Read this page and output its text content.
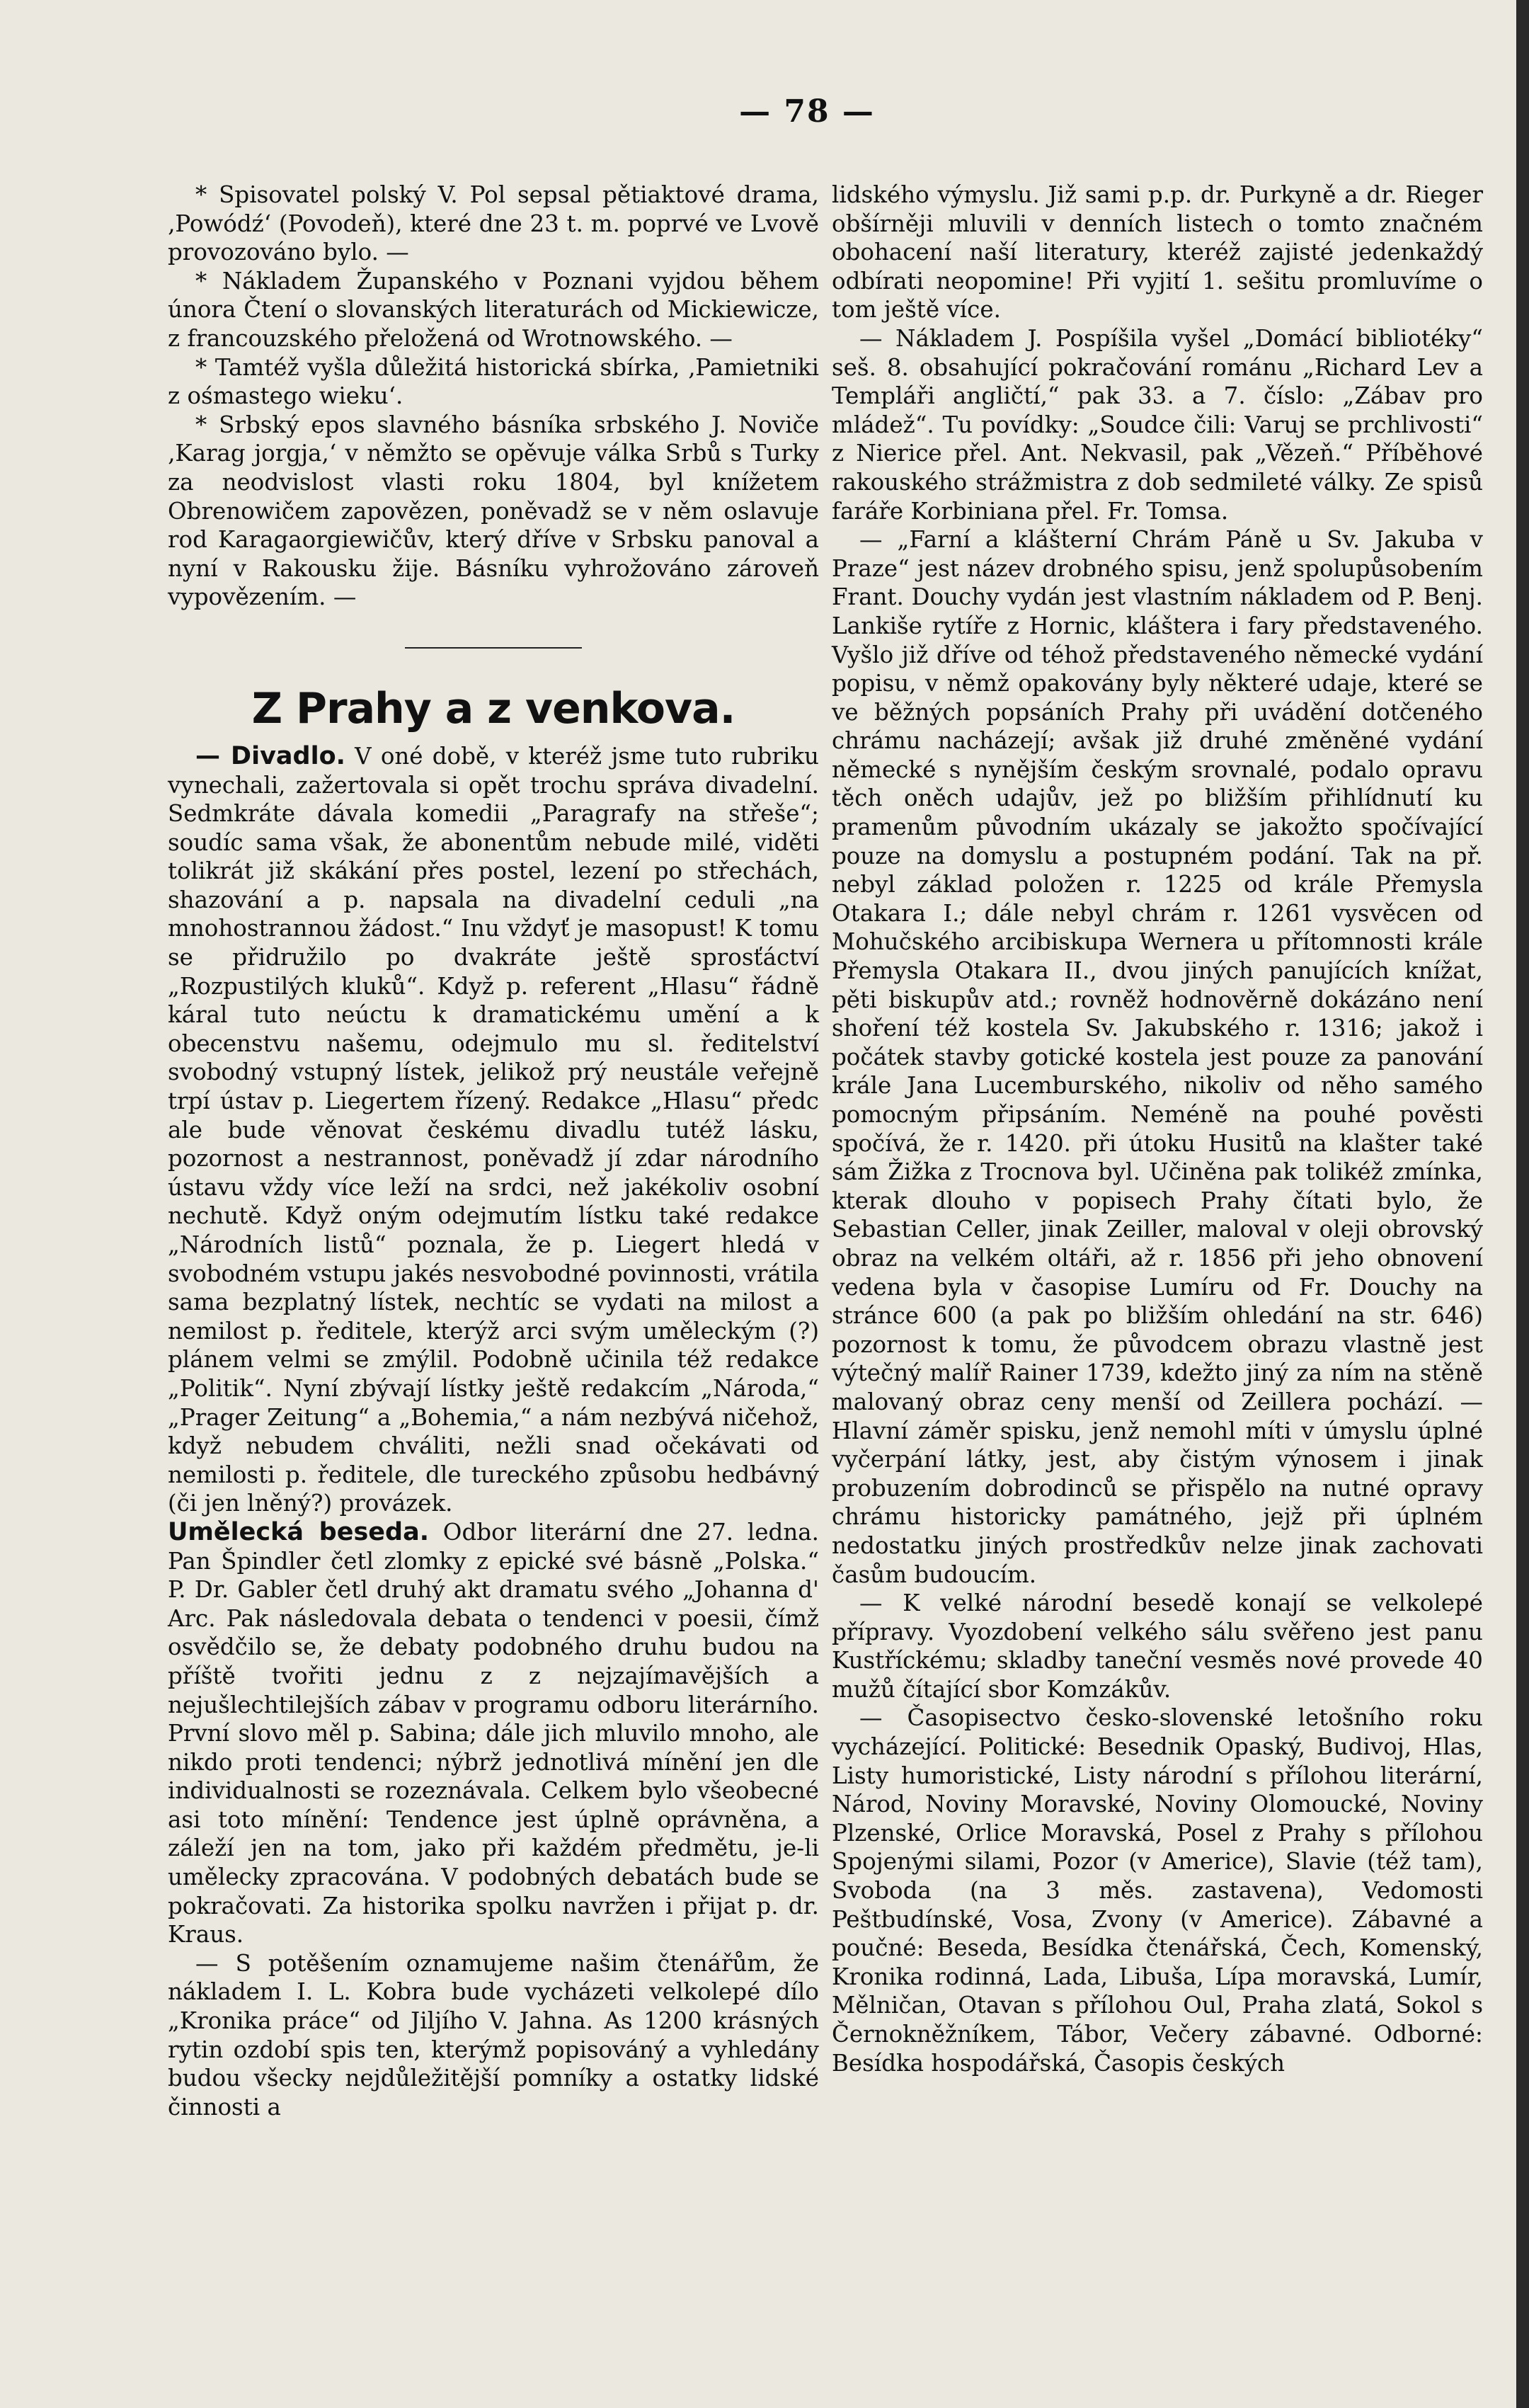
— 78 —

* Spisovatel polský V. Pol sepsal pětiaktové drama, ‚Powódź‘ (Povodeň), které dne 23 t. m. poprvé ve Lvově provozováno bylo. —

* Nákladem Županského v Poznani vyjdou během února Čtení o slovanských literaturách od Mickiewicze, z francouzského přeložená od Wrotnowského. —

* Tamtéž vyšla důležitá historická sbírka, ‚Pamietniki z ośmastego wieku‘.

* Srbský epos slavného básníka srbského J. Noviče ‚Karag jorgja,‘ v němžto se opěvuje válka Srbů s Turky za neodvislost vlasti roku 1804, byl knížetem Obrenowičem zapovězen, poněvadž se v něm oslavuje rod Karagaorgiewičův, který dříve v Srbsku panoval a nyní v Rakousku žije. Básníku vyhrožováno zároveň vypovězením. —

Z Prahy a z venkova.

— Divadlo. V oné době, v kteréž jsme tuto rubriku vynechali, zažertovala si opět trochu správa divadelní. Sedmkráte dávala komedii „Paragrafy na střeše“; soudíc sama však, že abonentům nebude milé, viděti tolikrát již skákání přes postel, lezení po střechách, shazování a p. napsala na divadelní ceduli „na mnohostrannou žádost.“ Inu vždyť je masopust! K tomu se přidružilo po dvakráte ještě sprosťáctví „Rozpustilých kluků“. Když p. referent „Hlasu“ řádně káral tuto neúctu k dramatickému umění a k obecenstvu našemu, odejmulo mu sl. ředitelství svobodný vstupný lístek, jelikož prý neustále veřejně trpí ústav p. Liegertem řízený. Redakce „Hlasu“ předc ale bude věnovat českému divadlu tutéž lásku, pozornost a nestrannost, poněvadž jí zdar národního ústavu vždy více leží na srdci, než jakékoliv osobní nechutě. Když oným odejmutím lístku také redakce „Národních listů“ poznala, že p. Liegert hledá v svobodném vstupu jakés nesvobodné povinnosti, vrátila sama bezplatný lístek, nechtíc se vydati na milost a nemilost p. ředitele, kterýž arci svým uměleckým (?) plánem velmi se zmýlil. Podobně učinila též redakce „Politik“. Nyní zbývají lístky ještě redakcím „Národa,“ „Prager Zeitung“ a „Bohemia,“ a nám nezbývá ničehož, když nebudem chváliti, nežli snad očekávati od nemilosti p. ředitele, dle tureckého způsobu hedbávný (či jen lněný?) provázek.

Umělecká beseda. Odbor literární dne 27. ledna. Pan Špindler četl zlomky z epické své básně „Polska.“ P. Dr. Gabler četl druhý akt dramatu svého „Johanna d' Arc. Pak následovala debata o tendenci v poesii, čímž osvědčilo se, že debaty podobného druhu budou na příště tvořiti jednu z z nejzajímavějších a nejušlechtilejších zábav v programu odboru literárního. První slovo měl p. Sabina; dále jich mluvilo mnoho, ale nikdo proti tendenci; nýbrž jednotlivá mínění jen dle individualnosti se rozeznávala. Celkem bylo všeobecné asi toto mínění: Tendence jest úplně oprávněna, a záleží jen na tom, jako při každém předmětu, je-li umělecky zpracována. V podobných debatách bude se pokračovati. Za historika spolku navržen i přijat p. dr. Kraus.

— S potěšením oznamujeme našim čtenářům, že nákladem I. L. Kobra bude vycházeti velkolepé dílo „Kronika práce“ od Jiljího V. Jahna. As 1200 krásných rytin ozdobí spis ten, kterýmž popisováný a vyhledány budou všecky nejdůležitější pomníky a ostatky lidské činnosti a

lidského výmyslu. Již sami p.p. dr. Purkyně a dr. Rieger obšírněji mluvili v denních listech o tomto značném obohacení naší literatury, kteréž zajisté jedenkaždý odbírati neopomine! Při vyjití 1. sešitu promluvíme o tom ještě více.

— Nákladem J. Pospíšila vyšel „Domácí bibliotéky“ seš. 8. obsahující pokračování románu „Richard Lev a Templáři angličtí,“ pak 33. a 7. číslo: „Zábav pro mládež“. Tu povídky: „Soudce čili: Varuj se prchlivosti“ z Nierice přel. Ant. Nekvasil, pak „Vězeň.“ Příběhové rakouského strážmistra z dob sedmileté války. Ze spisů faráře Korbiniana přel. Fr. Tomsa.

— „Farní a klášterní Chrám Páně u Sv. Jakuba v Praze“ jest název drobného spisu, jenž spolupůsobením Frant. Douchy vydán jest vlastním nákladem od P. Benj. Lankiše rytíře z Hornic, kláštera i fary představeného. Vyšlo již dříve od téhož představeného německé vydání popisu, v němž opakovány byly některé udaje, které se ve běžných popsáních Prahy při uvádění dotčeného chrámu nacházejí; avšak již druhé změněné vydání německé s nynějším českým srovnalé, podalo opravu těch oněch udajův, jež po bližším přihlídnutí ku pramenům původním ukázaly se jakožto spočívající pouze na domyslu a postupném podání. Tak na př. nebyl základ položen r. 1225 od krále Přemysla Otakara I.; dále nebyl chrám r. 1261 vysvěcen od Mohučského arcibiskupa Wernera u přítomnosti krále Přemysla Otakara II., dvou jiných panujících knížat, pěti biskupův atd.; rovněž hodnověrně dokázáno není shoření též kostela Sv. Jakubského r. 1316; jakož i počátek stavby gotické kostela jest pouze za panování krále Jana Lucemburského, nikoliv od něho samého pomocným připsáním. Neméně na pouhé pověsti spočívá, že r. 1420. při útoku Husitů na klašter také sám Žižka z Trocnova byl. Učiněna pak tolikéž zmínka, kterak dlouho v popisech Prahy čítati bylo, že Sebastian Celler, jinak Zeiller, maloval v oleji obrovský obraz na velkém oltáři, až r. 1856 při jeho obnovení vedena byla v časopise Lumíru od Fr. Douchy na stránce 600 (a pak po bližším ohledání na str. 646) pozornost k tomu, že původcem obrazu vlastně jest výtečný malíř Rainer 1739, kdežto jiný za ním na stěně malovaný obraz ceny menší od Zeillera pochází. — Hlavní záměr spisku, jenž nemohl míti v úmyslu úplné vyčerpání látky, jest, aby čistým výnosem i jinak probuzením dobrodinců se přispělo na nutné opravy chrámu historicky památného, jejž při úplném nedostatku jiných prostředkův nelze jinak zachovati časům budoucím.

— K velké národní besedě konají se velkolepé přípravy. Vyozdobení velkého sálu svěřeno jest panu Kustříckému; skladby taneční vesměs nové provede 40 mužů čítající sbor Komzákův.

— Časopisectvo česko-slovenské letošního roku vycházející. Politické: Besednik Opaský, Budivoj, Hlas, Listy humoristické, Listy národní s přílohou literární, Národ, Noviny Moravské, Noviny Olomoucké, Noviny Plzenské, Orlice Moravská, Posel z Prahy s přílohou Spojenými silami, Pozor (v Americe), Slavie (též tam), Svoboda (na 3 měs. zastavena), Vedomosti Peštbudínské, Vosa, Zvony (v Americe). Zábavné a poučné: Beseda, Besídka čtenářská, Čech, Komenský, Kronika rodinná, Lada, Libuša, Lípa moravská, Lumír, Mělničan, Otavan s přílohou Oul, Praha zlatá, Sokol s Černokněžníkem, Tábor, Večery zábavné. Odborné: Besídka hospodářská, Časopis českých
